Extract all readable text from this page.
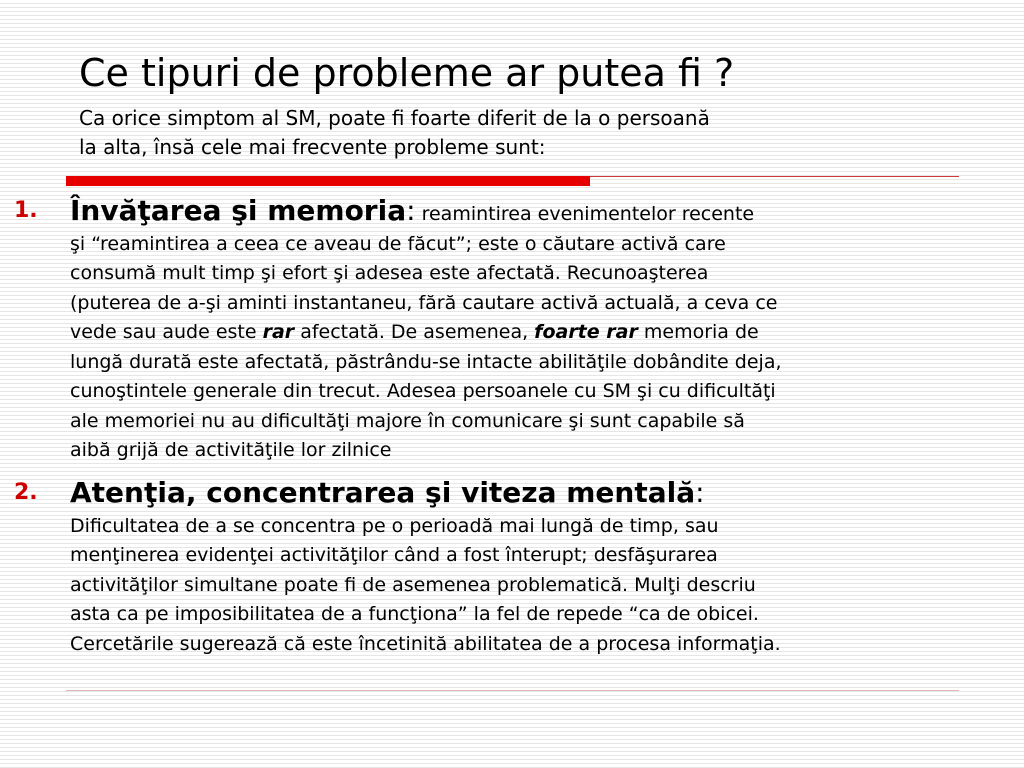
Ce tipuri de probleme ar putea fi ?
Ca orice simptom al SM, poate fi foarte diferit de la o persoană
la alta, însă cele mai frecvente probleme sunt:
1. Învăţarea şi memoria: reamintirea evenimentelor recente
şi “reamintirea a ceea ce aveau de făcut”; este o căutare activă care
consumă mult timp şi efort şi adesea este afectată. Recunoaşterea
(puterea de a-şi aminti instantaneu, fără cautare activă actuală, a ceva ce
vede sau aude este rar afectată. De asemenea, foarte rar memoria de
lungă durată este afectată, păstrându-se intacte abilităţile dobândite deja,
cunoştintele generale din trecut. Adesea persoanele cu SM şi cu dificultăţi
ale memoriei nu au dificultăţi majore în comunicare şi sunt capabile să
aibă grijă de activităţile lor zilnice
2. Atenţia, concentrarea şi viteza mentală:
Dificultatea de a se concentra pe o perioadă mai lungă de timp, sau
menţinerea evidenţei activităţilor când a fost înterupt; desfăşurarea
activităţilor simultane poate fi de asemenea problematică. Mulţi descriu
asta ca pe imposibilitatea de a funcţiona” la fel de repede “ca de obicei.
Cercetările sugerează că este încetinită abilitatea de a procesa informaţia.
